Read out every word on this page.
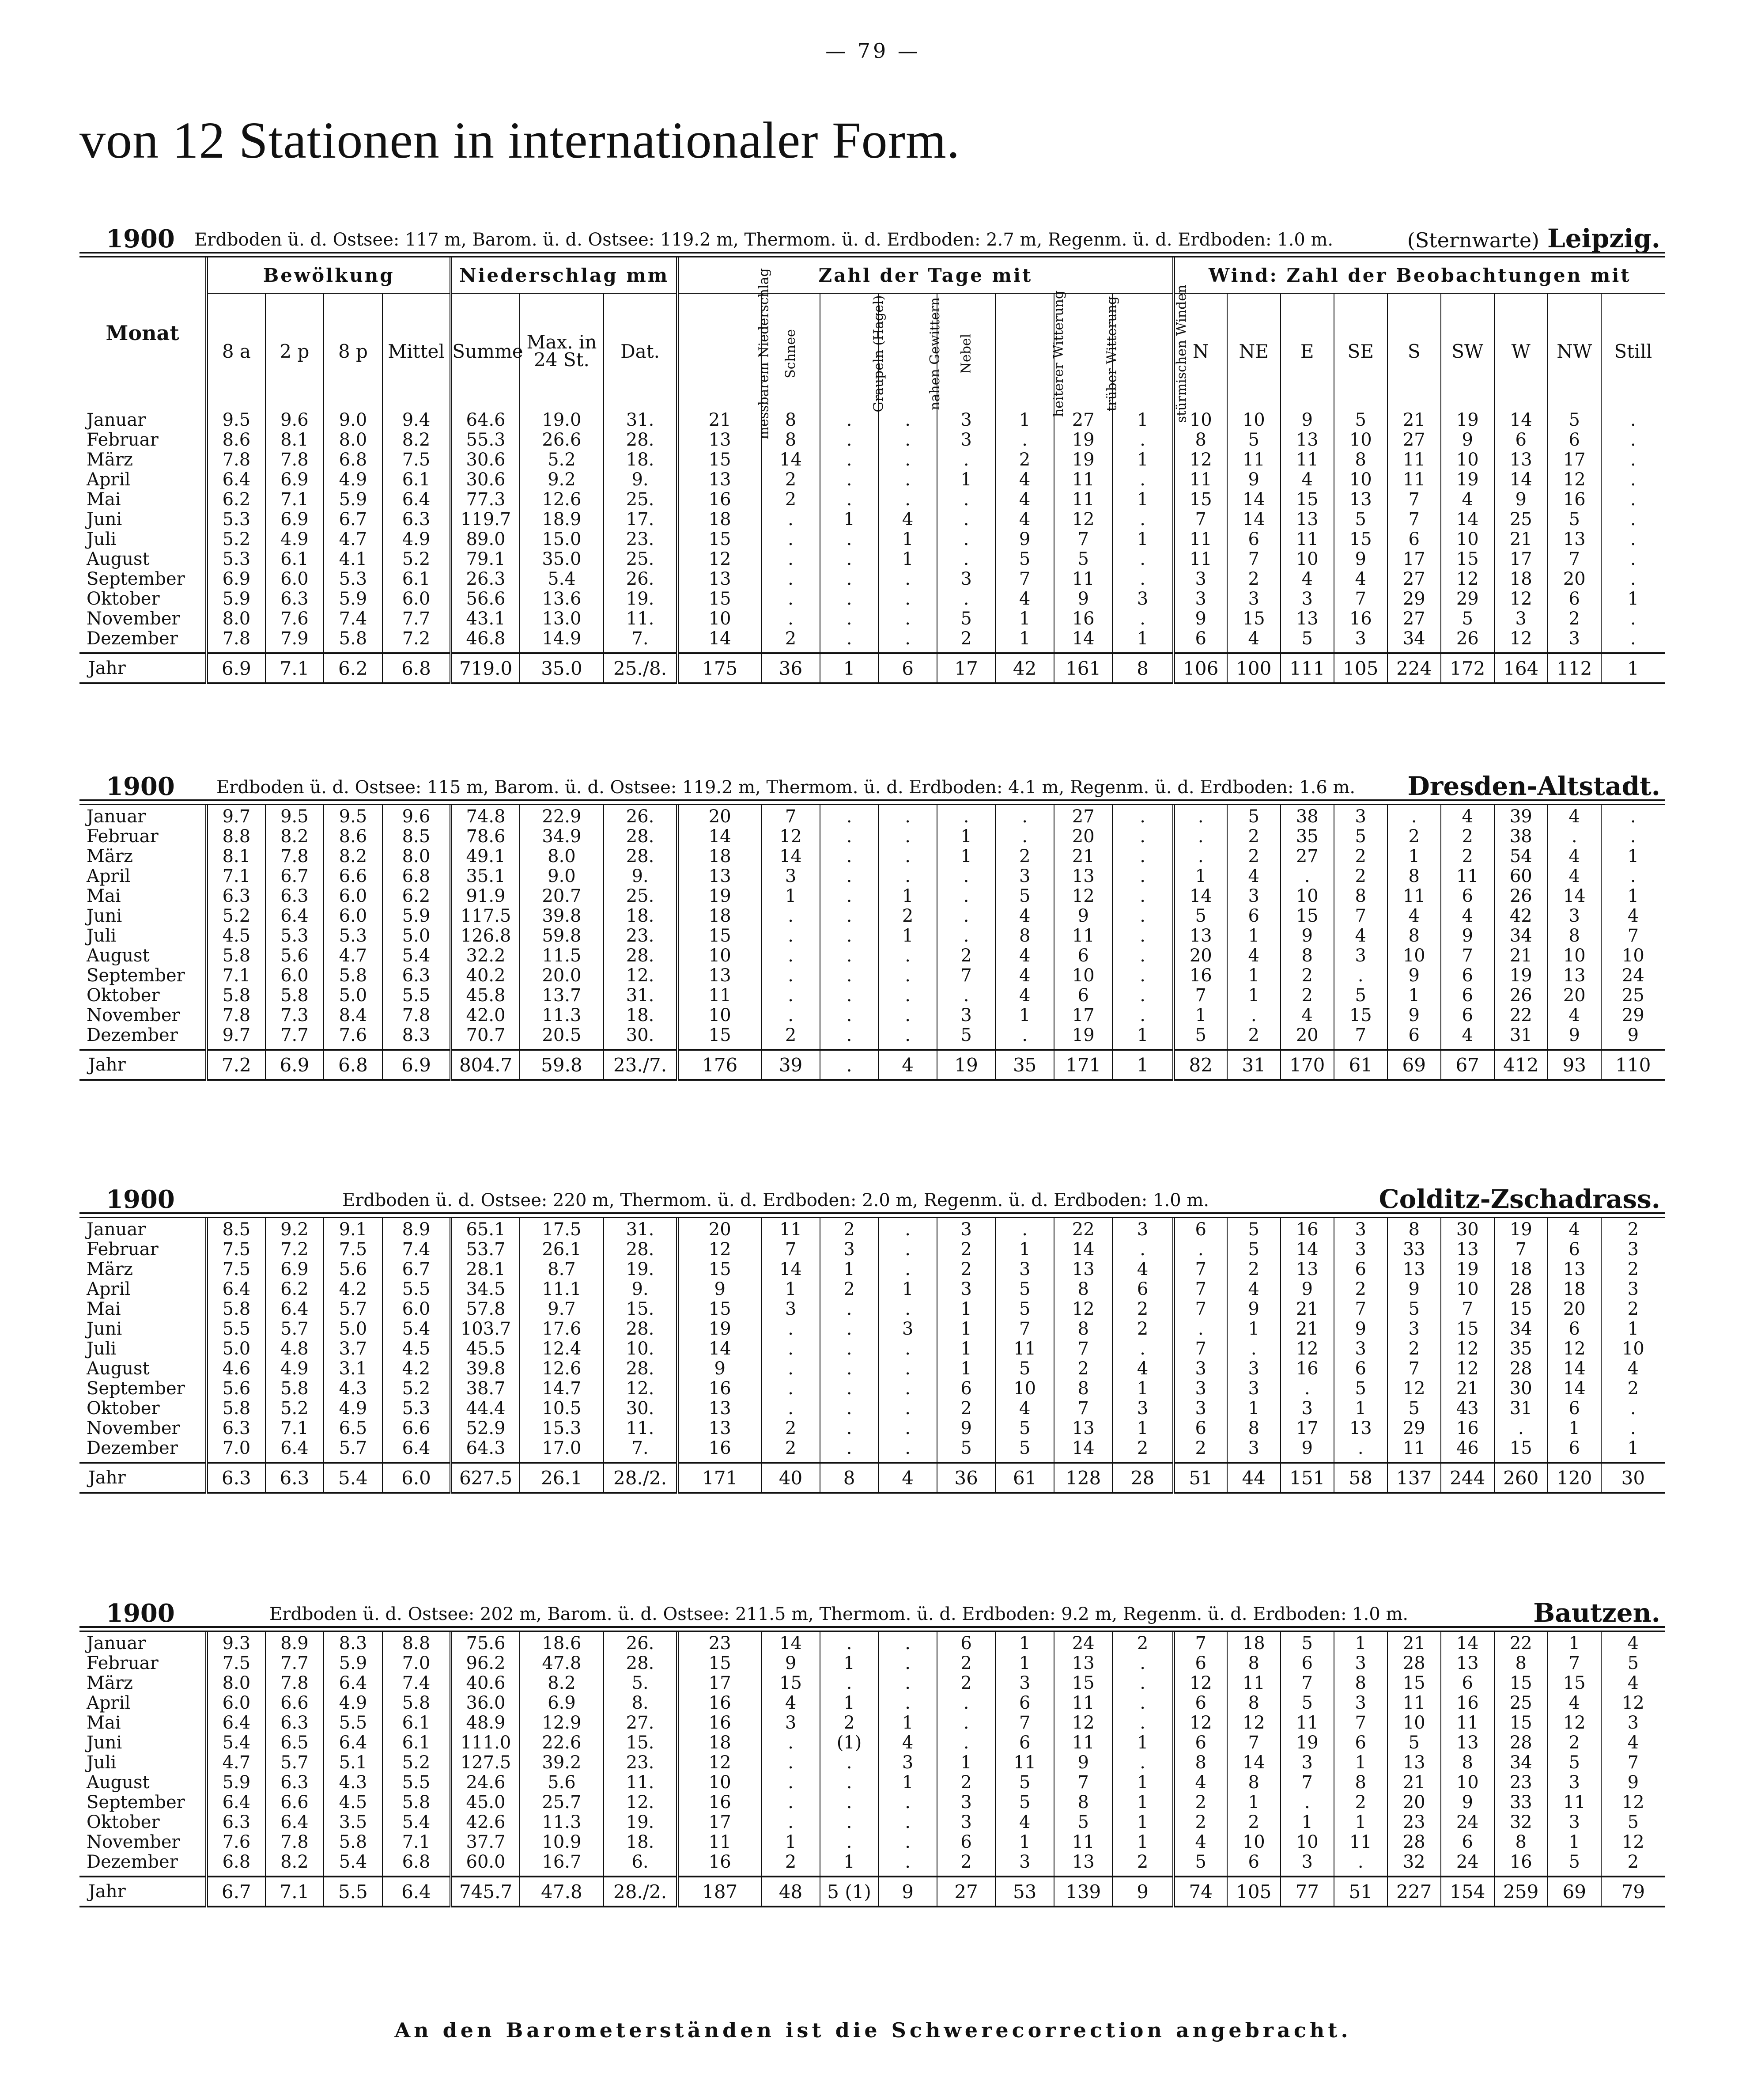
— 79 —
von 12 Stationen in internationaler Form.
1900 Erdboden ü. d. Ostsee: 117 m, Barom. ü. d. Ostsee: 119.2 m, Thermom. ü. d. Erdboden: 2.7 m, Regenm. ü. d. Erdboden: 1.0 m.	(Sternwarte) Leipzig.
Monat	Bewölkung				Niederschlag mm			Zahl der Tage mit								Wind: Zahl der Beobachtungen mit								
	8 a	2 p	8 p	Mittel	Summe	Max. in 24 St.	Dat.	messbarem Niederschlag	Schnee	Graupeln (Hagel)	nahen Gewittern	Nebel	heiterer Witterung	trüber Witterung	stürmischen Winden	N	NE	E	SE	S	SW	W	NW	Still
Januar	9.5	9.6	9.0	9.4	64.6	19.0	31.	21	8	.	.	3	1	27	1	10	10	9	5	21	19	14	5	.
Februar	8.6	8.1	8.0	8.2	55.3	26.6	28.	13	8	.	.	3	.	19	.	8	5	13	10	27	9	6	6	.
März	7.8	7.8	6.8	7.5	30.6	5.2	18.	15	14	.	.	.	2	19	1	12	11	11	8	11	10	13	17	.
April	6.4	6.9	4.9	6.1	30.6	9.2	9.	13	2	.	.	1	4	11	.	11	9	4	10	11	19	14	12	.
Mai	6.2	7.1	5.9	6.4	77.3	12.6	25.	16	2	.	.	.	4	11	1	15	14	15	13	7	4	9	16	.
Juni	5.3	6.9	6.7	6.3	119.7	18.9	17.	18	.	1	4	.	4	12	.	7	14	13	5	7	14	25	5	.
Juli	5.2	4.9	4.7	4.9	89.0	15.0	23.	15	.	.	1	.	9	7	1	11	6	11	15	6	10	21	13	.
August	5.3	6.1	4.1	5.2	79.1	35.0	25.	12	.	.	1	.	5	5	.	11	7	10	9	17	15	17	7	.
September	6.9	6.0	5.3	6.1	26.3	5.4	26.	13	.	.	.	3	7	11	.	3	2	4	4	27	12	18	20	.
Oktober	5.9	6.3	5.9	6.0	56.6	13.6	19.	15	.	.	.	.	4	9	3	3	3	3	7	29	29	12	6	1
November	8.0	7.6	7.4	7.7	43.1	13.0	11.	10	.	.	.	5	1	16	.	9	15	13	16	27	5	3	2	.
Dezember	7.8	7.9	5.8	7.2	46.8	14.9	7.	14	2	.	.	2	1	14	1	6	4	5	3	34	26	12	3	.
Jahr	6.9	7.1	6.2	6.8	719.0	35.0	25./8.	175	36	1	6	17	42	161	8	106	100	111	105	224	172	164	112	1
1900 Erdboden ü. d. Ostsee: 115 m, Barom. ü. d. Ostsee: 119.2 m, Thermom. ü. d. Erdboden: 4.1 m, Regenm. ü. d. Erdboden: 1.6 m. Dresden-Altstadt.
Januar	9.7	9.5	9.5	9.6	74.8	22.9	26.	20	7	.	.	.	.	27	.	.	5	38	3	.	4	39	4	.
Februar	8.8	8.2	8.6	8.5	78.6	34.9	28.	14	12	.	.	1	.	20	.	.	2	35	5	2	2	38	.	.
März	8.1	7.8	8.2	8.0	49.1	8.0	28.	18	14	.	.	1	2	21	.	.	2	27	2	1	2	54	4	1
April	7.1	6.7	6.6	6.8	35.1	9.0	9.	13	3	.	.	.	3	13	.	1	4	.	2	8	11	60	4	.
Mai	6.3	6.3	6.0	6.2	91.9	20.7	25.	19	1	.	1	.	5	12	.	14	3	10	8	11	6	26	14	1
Juni	5.2	6.4	6.0	5.9	117.5	39.8	18.	18	.	.	2	.	4	9	.	5	6	15	7	4	4	42	3	4
Juli	4.5	5.3	5.3	5.0	126.8	59.8	23.	15	.	.	1	.	8	11	.	13	1	9	4	8	9	34	8	7
August	5.8	5.6	4.7	5.4	32.2	11.5	28.	10	.	.	.	2	4	6	.	20	4	8	3	10	7	21	10	10
September	7.1	6.0	5.8	6.3	40.2	20.0	12.	13	.	.	.	7	4	10	.	16	1	2	.	9	6	19	13	24
Oktober	5.8	5.8	5.0	5.5	45.8	13.7	31.	11	.	.	.	.	4	6	.	7	1	2	5	1	6	26	20	25
November	7.8	7.3	8.4	7.8	42.0	11.3	18.	10	.	.	.	3	1	17	.	1	.	4	15	9	6	22	4	29
Dezember	9.7	7.7	7.6	8.3	70.7	20.5	30.	15	2	.	.	5	.	19	1	5	2	20	7	6	4	31	9	9
Jahr	7.2	6.9	6.8	6.9	804.7	59.8	23./7.	176	39	.	4	19	35	171	1	82	31	170	61	69	67	412	93	110
1900	Erdboden ü. d. Ostsee: 220 m, Thermom. ü. d. Erdboden: 2.0 m, Regenm. ü. d. Erdboden: 1.0 m.	Colditz-Zschadrass.
Januar	8.5	9.2	9.1	8.9	65.1	17.5	31.	20	11	2	.	3	.	22	3	6	5	16	3	8	30	19	4	2
Februar	7.5	7.2	7.5	7.4	53.7	26.1	28.	12	7	3	.	2	1	14	.	.	5	14	3	33	13	7	6	3
März	7.5	6.9	5.6	6.7	28.1	8.7	19.	15	14	1	.	2	3	13	4	7	2	13	6	13	19	18	13	2
April	6.4	6.2	4.2	5.5	34.5	11.1	9.	9	1	2	1	3	5	8	6	7	4	9	2	9	10	28	18	3
Mai	5.8	6.4	5.7	6.0	57.8	9.7	15.	15	3	.	.	1	5	12	2	7	9	21	7	5	7	15	20	2
Juni	5.5	5.7	5.0	5.4	103.7	17.6	28.	19	.	.	3	1	7	8	2	.	1	21	9	3	15	34	6	1
Juli	5.0	4.8	3.7	4.5	45.5	12.4	10.	14	.	.	.	1	11	7	.	7	.	12	3	2	12	35	12	10
August	4.6	4.9	3.1	4.2	39.8	12.6	28.	9	.	.	.	1	5	2	4	3	3	16	6	7	12	28	14	4
September	5.6	5.8	4.3	5.2	38.7	14.7	12.	16	.	.	.	6	10	8	1	3	3	.	5	12	21	30	14	2
Oktober	5.8	5.2	4.9	5.3	44.4	10.5	30.	13	.	.	.	2	4	7	3	3	1	3	1	5	43	31	6	.
November	6.3	7.1	6.5	6.6	52.9	15.3	11.	13	2	.	.	9	5	13	1	6	8	17	13	29	16	.	1	.
Dezember	7.0	6.4	5.7	6.4	64.3	17.0	7.	16	2	.	.	5	5	14	2	2	3	9	.	11	46	15	6	1
Jahr	6.3	6.3	5.4	6.0	627.5	26.1	28./2.	171	40	8	4	36	61	128	28	51	44	151	58	137	244	260	120	30
1900	Erdboden ü. d. Ostsee: 202 m, Barom. ü. d. Ostsee: 211.5 m, Thermom. ü. d. Erdboden: 9.2 m, Regenm. ü. d. Erdboden: 1.0 m.	Bautzen.
Januar	9.3	8.9	8.3	8.8	75.6	18.6	26.	23	14	.	.	6	1	24	2	7	18	5	1	21	14	22	1	4
Februar	7.5	7.7	5.9	7.0	96.2	47.8	28.	15	9	1	.	2	1	13	.	6	8	6	3	28	13	8	7	5
März	8.0	7.8	6.4	7.4	40.6	8.2	5.	17	15	.	.	2	3	15	.	12	11	7	8	15	6	15	15	4
April	6.0	6.6	4.9	5.8	36.0	6.9	8.	16	4	1	.	.	6	11	.	6	8	5	3	11	16	25	4	12
Mai	6.4	6.3	5.5	6.1	48.9	12.9	27.	16	3	2	1	.	7	12	.	12	12	11	7	10	11	15	12	3
Juni	5.4	6.5	6.4	6.1	111.0	22.6	15.	18	.	(1)	4	.	6	11	1	6	7	19	6	5	13	28	2	4
Juli	4.7	5.7	5.1	5.2	127.5	39.2	23.	12	.	.	3	1	11	9	.	8	14	3	1	13	8	34	5	7
August	5.9	6.3	4.3	5.5	24.6	5.6	11.	10	.	.	1	2	5	7	1	4	8	7	8	21	10	23	3	9
September	6.4	6.6	4.5	5.8	45.0	25.7	12.	16	.	.	.	3	5	8	1	2	1	.	2	20	9	33	11	12
Oktober	6.3	6.4	3.5	5.4	42.6	11.3	19.	17	.	.	.	3	4	5	1	2	2	1	1	23	24	32	3	5
November	7.6	7.8	5.8	7.1	37.7	10.9	18.	11	1	.	.	6	1	11	1	4	10	10	11	28	6	8	1	12
Dezember	6.8	8.2	5.4	6.8	60.0	16.7	6.	16	2	1	.	2	3	13	2	5	6	3	.	32	24	16	5	2
Jahr	6.7	7.1	5.5	6.4	745.7	47.8	28./2.	187	48	5 (1)	9	27	53	139	9	74	105	77	51	227	154	259	69	79
An den Barometerständen ist die Schwerecorrection angebracht.
